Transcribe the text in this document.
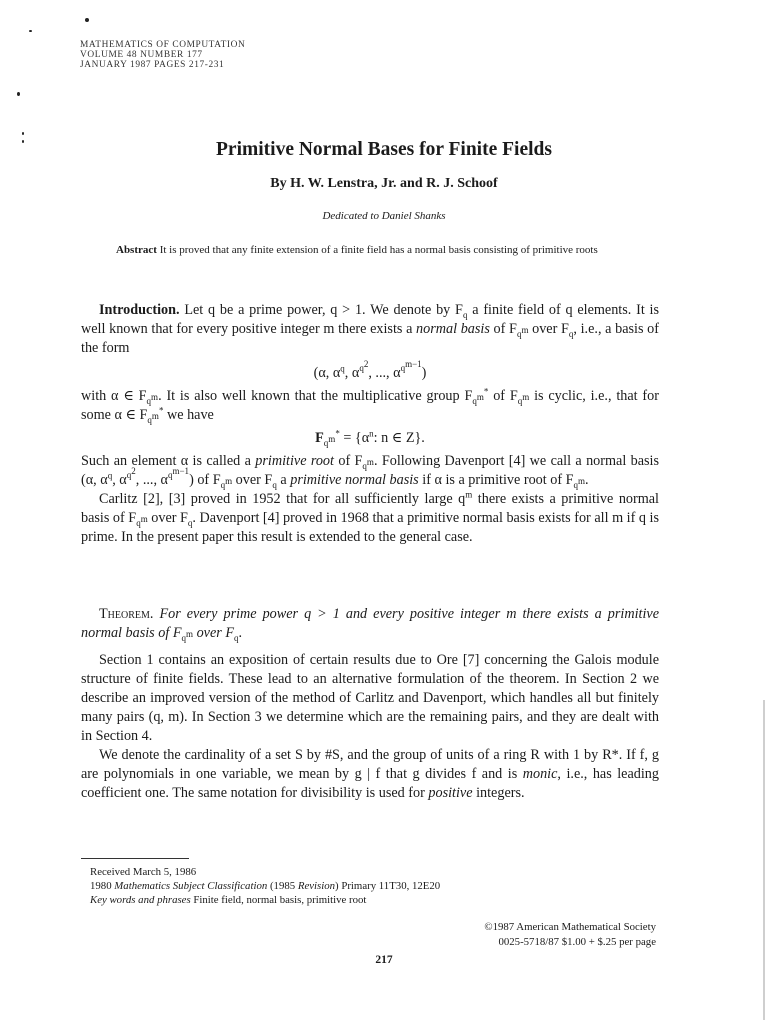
MATHEMATICS OF COMPUTATION
VOLUME 48 NUMBER 177
JANUARY 1987 PAGES 217-231
Primitive Normal Bases for Finite Fields
By H. W. Lenstra, Jr. and R. J. Schoof
Dedicated to Daniel Shanks
Abstract It is proved that any finite extension of a finite field has a normal basis consisting of primitive roots

Introduction. Let q be a prime power, q > 1. We denote by $F_q$ a finite field of q elements. It is well known that for every positive integer m there exists a normal basis of $F_{q^m}$ over $F_q$, i.e., a basis of the form

(α, $\alpha^q$, $\alpha^{q^2}$, ..., $\alpha^{q^{m-1}}$)

with α ∈ $F_{q^m}$. It is also well known that the multiplicative group $F_{q^m}^*$ of $F_{q^m}$ is cyclic, i.e., that for some α ∈ $F_{q^m}^*$ we have

$F_{q^m}^* = \{\alpha^n$: n ∈ Z}.

Such an element α is called a primitive root of $F_{q^m}$. Following Davenport [4] we call a normal basis (α, $\alpha^q$, $\alpha^{q^2}$, ..., $\alpha^{q^{m-1}}$) of $F_{q^m}$ over $F_q$ a primitive normal basis if α is a primitive root of $F_{q^m}$.

Carlitz [2], [3] proved in 1952 that for all sufficiently large $q^m$ there exists a primitive normal basis of $F_{q^m}$ over $F_q$. Davenport [4] proved in 1968 that a primitive normal basis exists for all m if q is prime. In the present paper this result is extended to the general case.

Theorem. For every prime power q > 1 and every positive integer m there exists a primitive normal basis of $F_{q^m}$ over $F_q$.

Section 1 contains an exposition of certain results due to Ore [7] concerning the Galois module structure of finite fields. These lead to an alternative formulation of the theorem. In Section 2 we describe an improved version of the method of Carlitz and Davenport, which handles all but finitely many pairs (q, m). In Section 3 we determine which are the remaining pairs, and they are dealt with in Section 4.

We denote the cardinality of a set S by #S, and the group of units of a ring R with 1 by R*. If f, g are polynomials in one variable, we mean by g | f that g divides f and is monic, i.e., has leading coefficient one. The same notation for divisibility is used for positive integers.

Received March 5, 1986
1980 Mathematics Subject Classification (1985 Revision) Primary 11T30, 12E20
Key words and phrases Finite field, normal basis, primitive root
©1987 American Mathematical Society
0025-5718/87 $1.00 + $.25 per page
217
